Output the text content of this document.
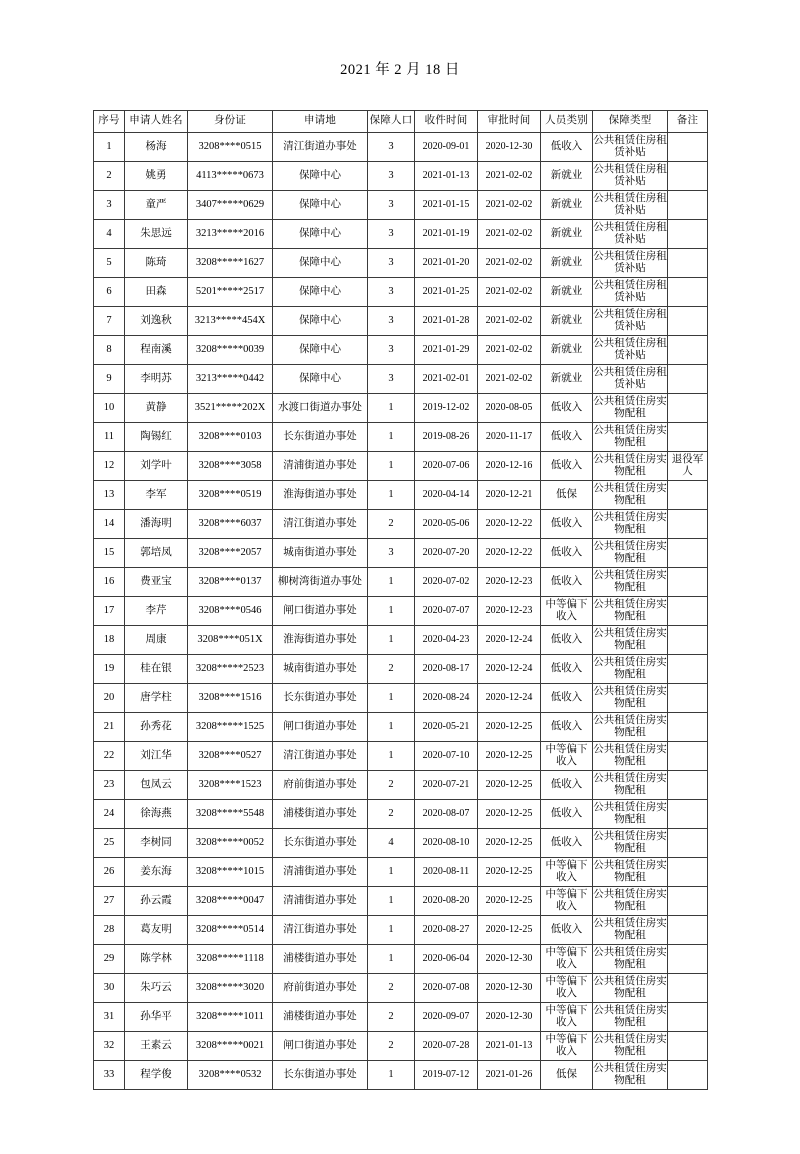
2021 年 2 月 18 日
序号	申请人姓名	身份证	申请地	保障人口	收件时间	审批时间	人员类别	保障类型	备注
1	杨海	3208****0515	清江街道办事处	3	2020-09-01	2020-12-30	低收入	公共租赁住房租赁补贴	
2	姚勇	4113*****0673	保障中心	3	2021-01-13	2021-02-02	新就业	公共租赁住房租赁补贴	
3	童严	3407*****0629	保障中心	3	2021-01-15	2021-02-02	新就业	公共租赁住房租赁补贴	
4	朱思远	3213*****2016	保障中心	3	2021-01-19	2021-02-02	新就业	公共租赁住房租赁补贴	
5	陈琦	3208*****1627	保障中心	3	2021-01-20	2021-02-02	新就业	公共租赁住房租赁补贴	
6	田森	5201*****2517	保障中心	3	2021-01-25	2021-02-02	新就业	公共租赁住房租赁补贴	
7	刘逸秋	3213*****454X	保障中心	3	2021-01-28	2021-02-02	新就业	公共租赁住房租赁补贴	
8	程南溪	3208*****0039	保障中心	3	2021-01-29	2021-02-02	新就业	公共租赁住房租赁补贴	
9	李明苏	3213*****0442	保障中心	3	2021-02-01	2021-02-02	新就业	公共租赁住房租赁补贴	
10	黄静	3521*****202X	水渡口街道办事处	1	2019-12-02	2020-08-05	低收入	公共租赁住房实物配租	
11	陶锡红	3208****0103	长东街道办事处	1	2019-08-26	2020-11-17	低收入	公共租赁住房实物配租	
12	刘学叶	3208****3058	清浦街道办事处	1	2020-07-06	2020-12-16	低收入	公共租赁住房实物配租	退役军人
13	李军	3208****0519	淮海街道办事处	1	2020-04-14	2020-12-21	低保	公共租赁住房实物配租	
14	潘海明	3208****6037	清江街道办事处	2	2020-05-06	2020-12-22	低收入	公共租赁住房实物配租	
15	郭培凤	3208****2057	城南街道办事处	3	2020-07-20	2020-12-22	低收入	公共租赁住房实物配租	
16	费亚宝	3208****0137	柳树湾街道办事处	1	2020-07-02	2020-12-23	低收入	公共租赁住房实物配租	
17	李芹	3208****0546	闸口街道办事处	1	2020-07-07	2020-12-23	中等偏下收入	公共租赁住房实物配租	
18	周康	3208****051X	淮海街道办事处	1	2020-04-23	2020-12-24	低收入	公共租赁住房实物配租	
19	桂在银	3208*****2523	城南街道办事处	2	2020-08-17	2020-12-24	低收入	公共租赁住房实物配租	
20	唐学柱	3208****1516	长东街道办事处	1	2020-08-24	2020-12-24	低收入	公共租赁住房实物配租	
21	孙秀花	3208*****1525	闸口街道办事处	1	2020-05-21	2020-12-25	低收入	公共租赁住房实物配租	
22	刘江华	3208****0527	清江街道办事处	1	2020-07-10	2020-12-25	中等偏下收入	公共租赁住房实物配租	
23	包凤云	3208****1523	府前街道办事处	2	2020-07-21	2020-12-25	低收入	公共租赁住房实物配租	
24	徐海燕	3208*****5548	浦楼街道办事处	2	2020-08-07	2020-12-25	低收入	公共租赁住房实物配租	
25	李树同	3208*****0052	长东街道办事处	4	2020-08-10	2020-12-25	低收入	公共租赁住房实物配租	
26	姜东海	3208*****1015	清浦街道办事处	1	2020-08-11	2020-12-25	中等偏下收入	公共租赁住房实物配租	
27	孙云霞	3208*****0047	清浦街道办事处	1	2020-08-20	2020-12-25	中等偏下收入	公共租赁住房实物配租	
28	葛友明	3208*****0514	清江街道办事处	1	2020-08-27	2020-12-25	低收入	公共租赁住房实物配租	
29	陈学林	3208*****1118	浦楼街道办事处	1	2020-06-04	2020-12-30	中等偏下收入	公共租赁住房实物配租	
30	朱巧云	3208*****3020	府前街道办事处	2	2020-07-08	2020-12-30	中等偏下收入	公共租赁住房实物配租	
31	孙华平	3208*****1011	浦楼街道办事处	2	2020-09-07	2020-12-30	中等偏下收入	公共租赁住房实物配租	
32	王素云	3208*****0021	闸口街道办事处	2	2020-07-28	2021-01-13	中等偏下收入	公共租赁住房实物配租	
33	程学俊	3208****0532	长东街道办事处	1	2019-07-12	2021-01-26	低保	公共租赁住房实物配租	
